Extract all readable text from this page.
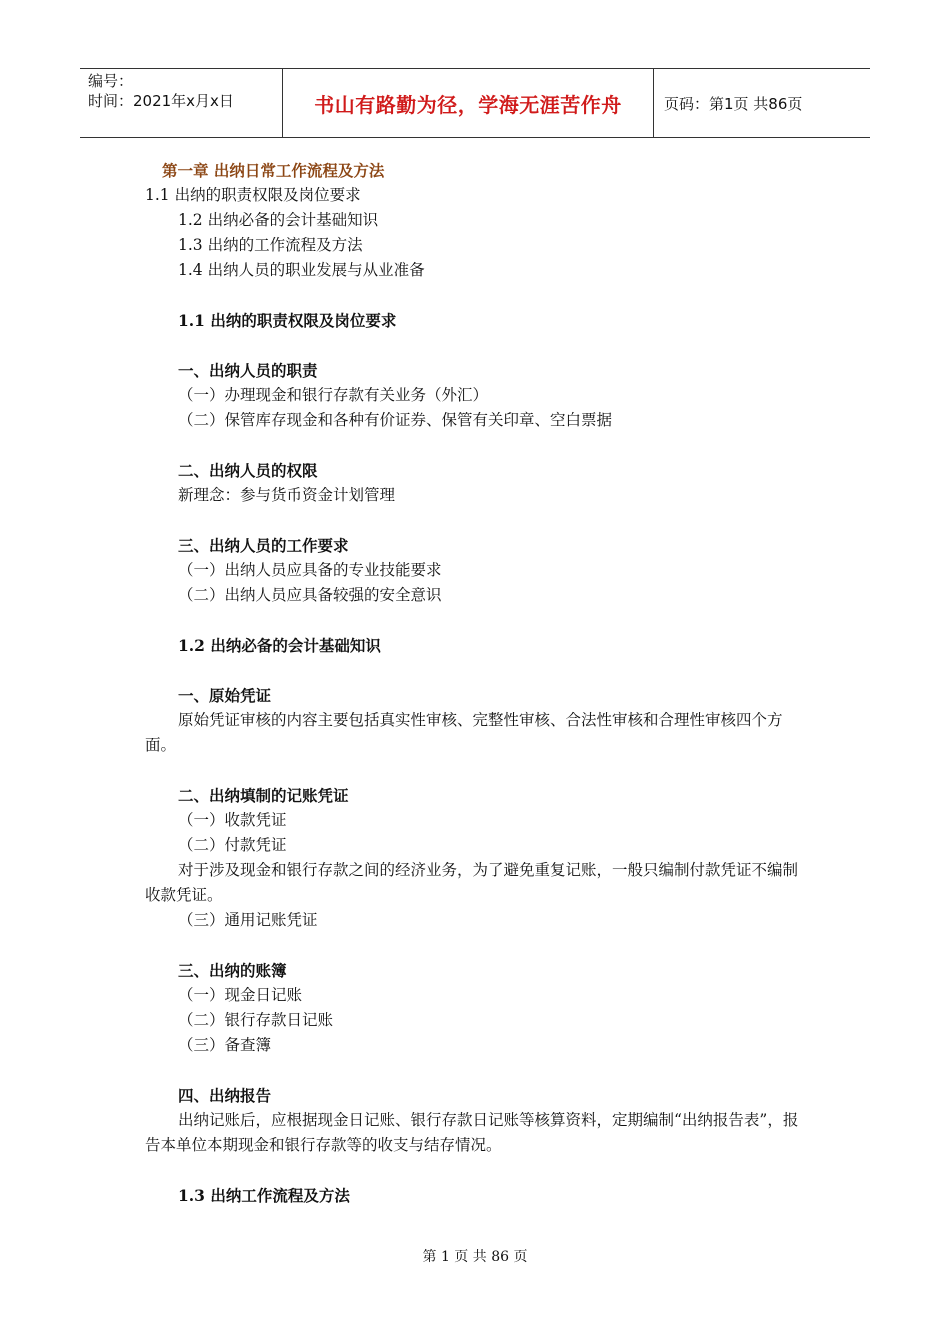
编号：
时间：2021年x月x日	书山有路勤为径，学海无涯苦作舟	页码：第1页 共86页
第一章 出纳日常工作流程及方法
1.1 出纳的职责权限及岗位要求
1.2 出纳必备的会计基础知识
1.3 出纳的工作流程及方法
1.4 出纳人员的职业发展与从业准备
1.1 出纳的职责权限及岗位要求
一、出纳人员的职责
（一）办理现金和银行存款有关业务（外汇）
（二）保管库存现金和各种有价证券、保管有关印章、空白票据
二、出纳人员的权限
新理念：参与货币资金计划管理
三、出纳人员的工作要求
（一）出纳人员应具备的专业技能要求
（二）出纳人员应具备较强的安全意识
1.2 出纳必备的会计基础知识
一、原始凭证
原始凭证审核的内容主要包括真实性审核、完整性审核、合法性审核和合理性审核四个方面。
二、出纳填制的记账凭证
（一）收款凭证
（二）付款凭证
对于涉及现金和银行存款之间的经济业务，为了避免重复记账，一般只编制付款凭证不编制收款凭证。
（三）通用记账凭证
三、出纳的账簿
（一）现金日记账
（二）银行存款日记账
（三）备查簿
四、出纳报告
出纳记账后，应根据现金日记账、银行存款日记账等核算资料，定期编制“出纳报告表”，报告本单位本期现金和银行存款等的收支与结存情况。
1.3 出纳工作流程及方法
第 1 页 共 86 页
